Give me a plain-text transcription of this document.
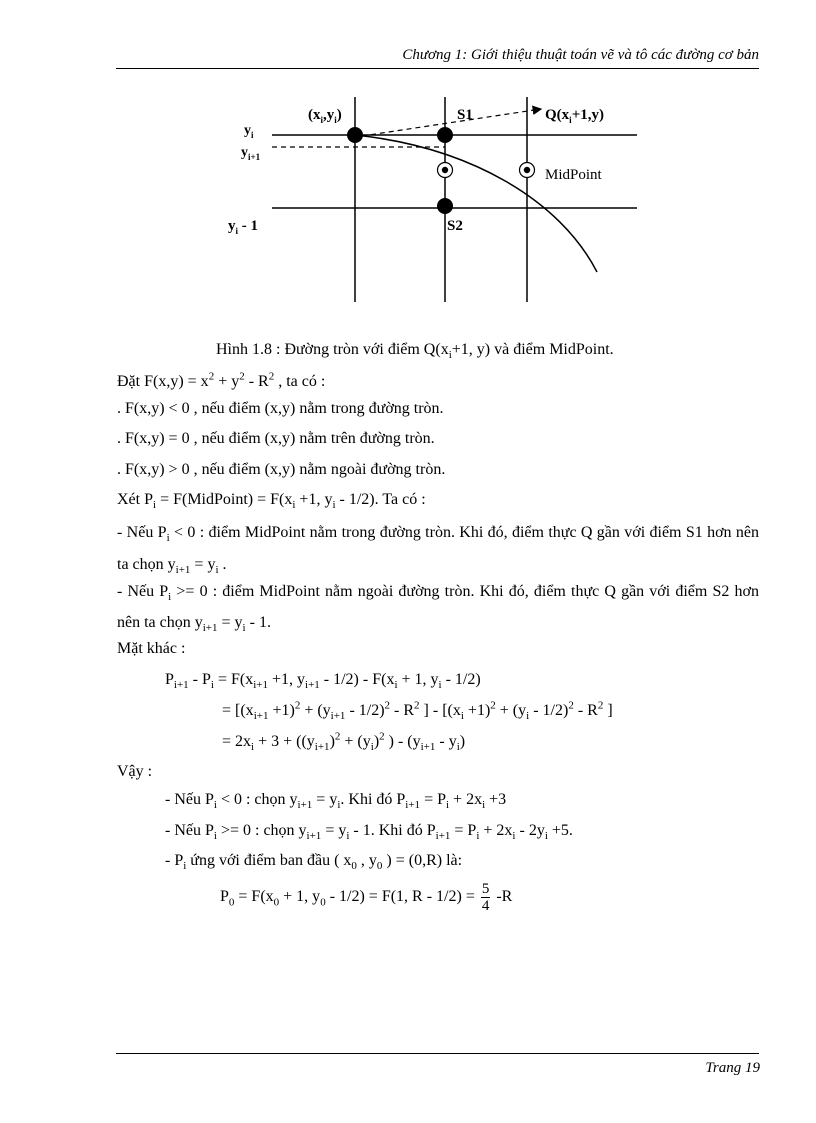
Chương 1: Giới thiệu thuật toán vẽ và tô các đường cơ bản
$y_i$
$y_{i+1}$
$y_i - 1$
$(x_i,y_i)$	S1
S2
$Q(x_i+1,y)$
MidPoint
Hình 1.8 : Đường tròn với điểm $Q(x_i+1$, y) và điểm MidPoint.
Đặt $F(x,y) = x^2 + y^2 - R^2$ , ta có :
. F(x,y) < 0 , nếu điểm (x,y) nằm trong đường tròn.
. F(x,y) = 0 , nếu điểm (x,y) nằm trên đường tròn.
. F(x,y) > 0 , nếu điểm (x,y) nằm ngoài đường tròn.
Xét $P_i$ = F(MidPoint) = $F(x_i +1$, $y_i - 1/2$). Ta có :
- Nếu $P_i < 0$ : điểm MidPoint nằm trong đường tròn. Khi đó, điểm thực Q gần với điểm S1 hơn nên ta chọn $y_{i+1} = y_i$ .
- Nếu $P_i >= 0$ : điểm MidPoint nằm ngoài đường tròn. Khi đó, điểm thực Q gần với điểm S2 hơn nên ta chọn $y_{i+1} = y_i - 1$.
Mặt khác :
$P_{i+1} - P_i = F(x_{i+1} +1$, $y_{i+1} - 1/2) - F(x_i + 1$, $y_i - 1/2$)
= [$(x_{i+1} +1)^2 + (y_{i+1} - 1/2)^2 - R^2$ ] - [$(x_i +1)^2 + (y_i - 1/2)^2 - R^2$ ]
= $2x_i + 3 + ((y_{i+1})^2 + (y_i)^2$ ) - $(y_{i+1} - y_i)$
Vậy :
- Nếu $P_i < 0$ : chọn $y_{i+1} = y_i$. Khi đó $P_{i+1} = P_i + 2x_i +3$
- Nếu $P_i >= 0$ : chọn $y_{i+1} = y_i - 1$. Khi đó $P_{i+1} = P_i + 2x_i - 2y_i +5$.
- $P_i$ ứng với điểm ban đầu ( $x_0$ , $y_0$ ) = (0,R) là:
$P_0 = F(x_0 + 1$, $y_0 - 1/2) = F(1$, $R - 1/2) = \frac{5}{4} -R$
Trang 19
